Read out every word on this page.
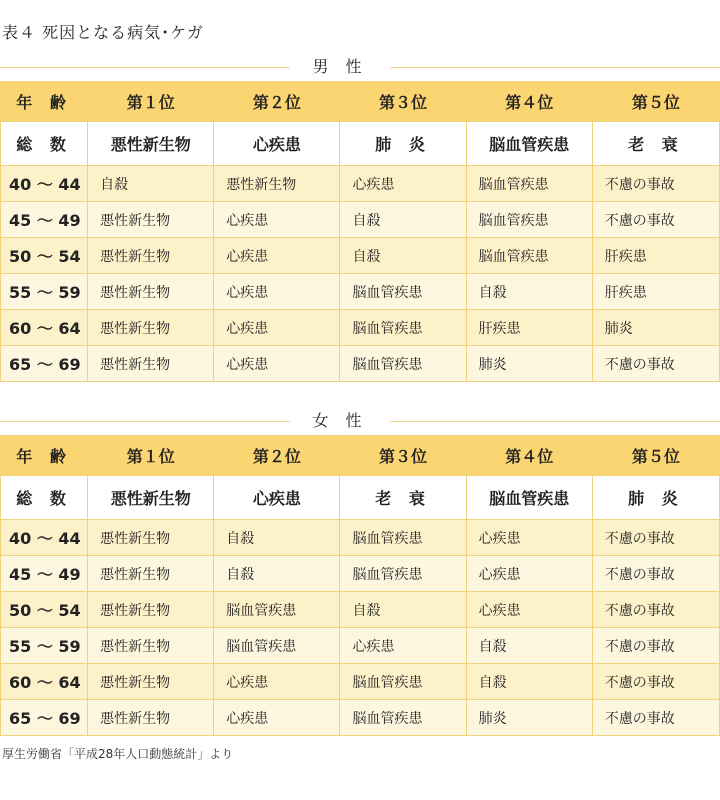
表４ 死因となる病気･ケガ
男 性
年 齢	第１位	第２位	第３位	第４位	第５位
総 数	悪性新生物	心疾患	肺 炎	脳血管疾患	老 衰
40 ～ 44	自殺	悪性新生物	心疾患	脳血管疾患	不慮の事故
45 ～ 49	悪性新生物	心疾患	自殺	脳血管疾患	不慮の事故
50 ～ 54	悪性新生物	心疾患	自殺	脳血管疾患	肝疾患
55 ～ 59	悪性新生物	心疾患	脳血管疾患	自殺	肝疾患
60 ～ 64	悪性新生物	心疾患	脳血管疾患	肝疾患	肺炎
65 ～ 69	悪性新生物	心疾患	脳血管疾患	肺炎	不慮の事故
女 性
年 齢	第１位	第２位	第３位	第４位	第５位
総 数	悪性新生物	心疾患	老 衰	脳血管疾患	肺 炎
40 ～ 44	悪性新生物	自殺	脳血管疾患	心疾患	不慮の事故
45 ～ 49	悪性新生物	自殺	脳血管疾患	心疾患	不慮の事故
50 ～ 54	悪性新生物	脳血管疾患	自殺	心疾患	不慮の事故
55 ～ 59	悪性新生物	脳血管疾患	心疾患	自殺	不慮の事故
60 ～ 64	悪性新生物	心疾患	脳血管疾患	自殺	不慮の事故
65 ～ 69	悪性新生物	心疾患	脳血管疾患	肺炎	不慮の事故
厚生労働省「平成28年人口動態統計」より
